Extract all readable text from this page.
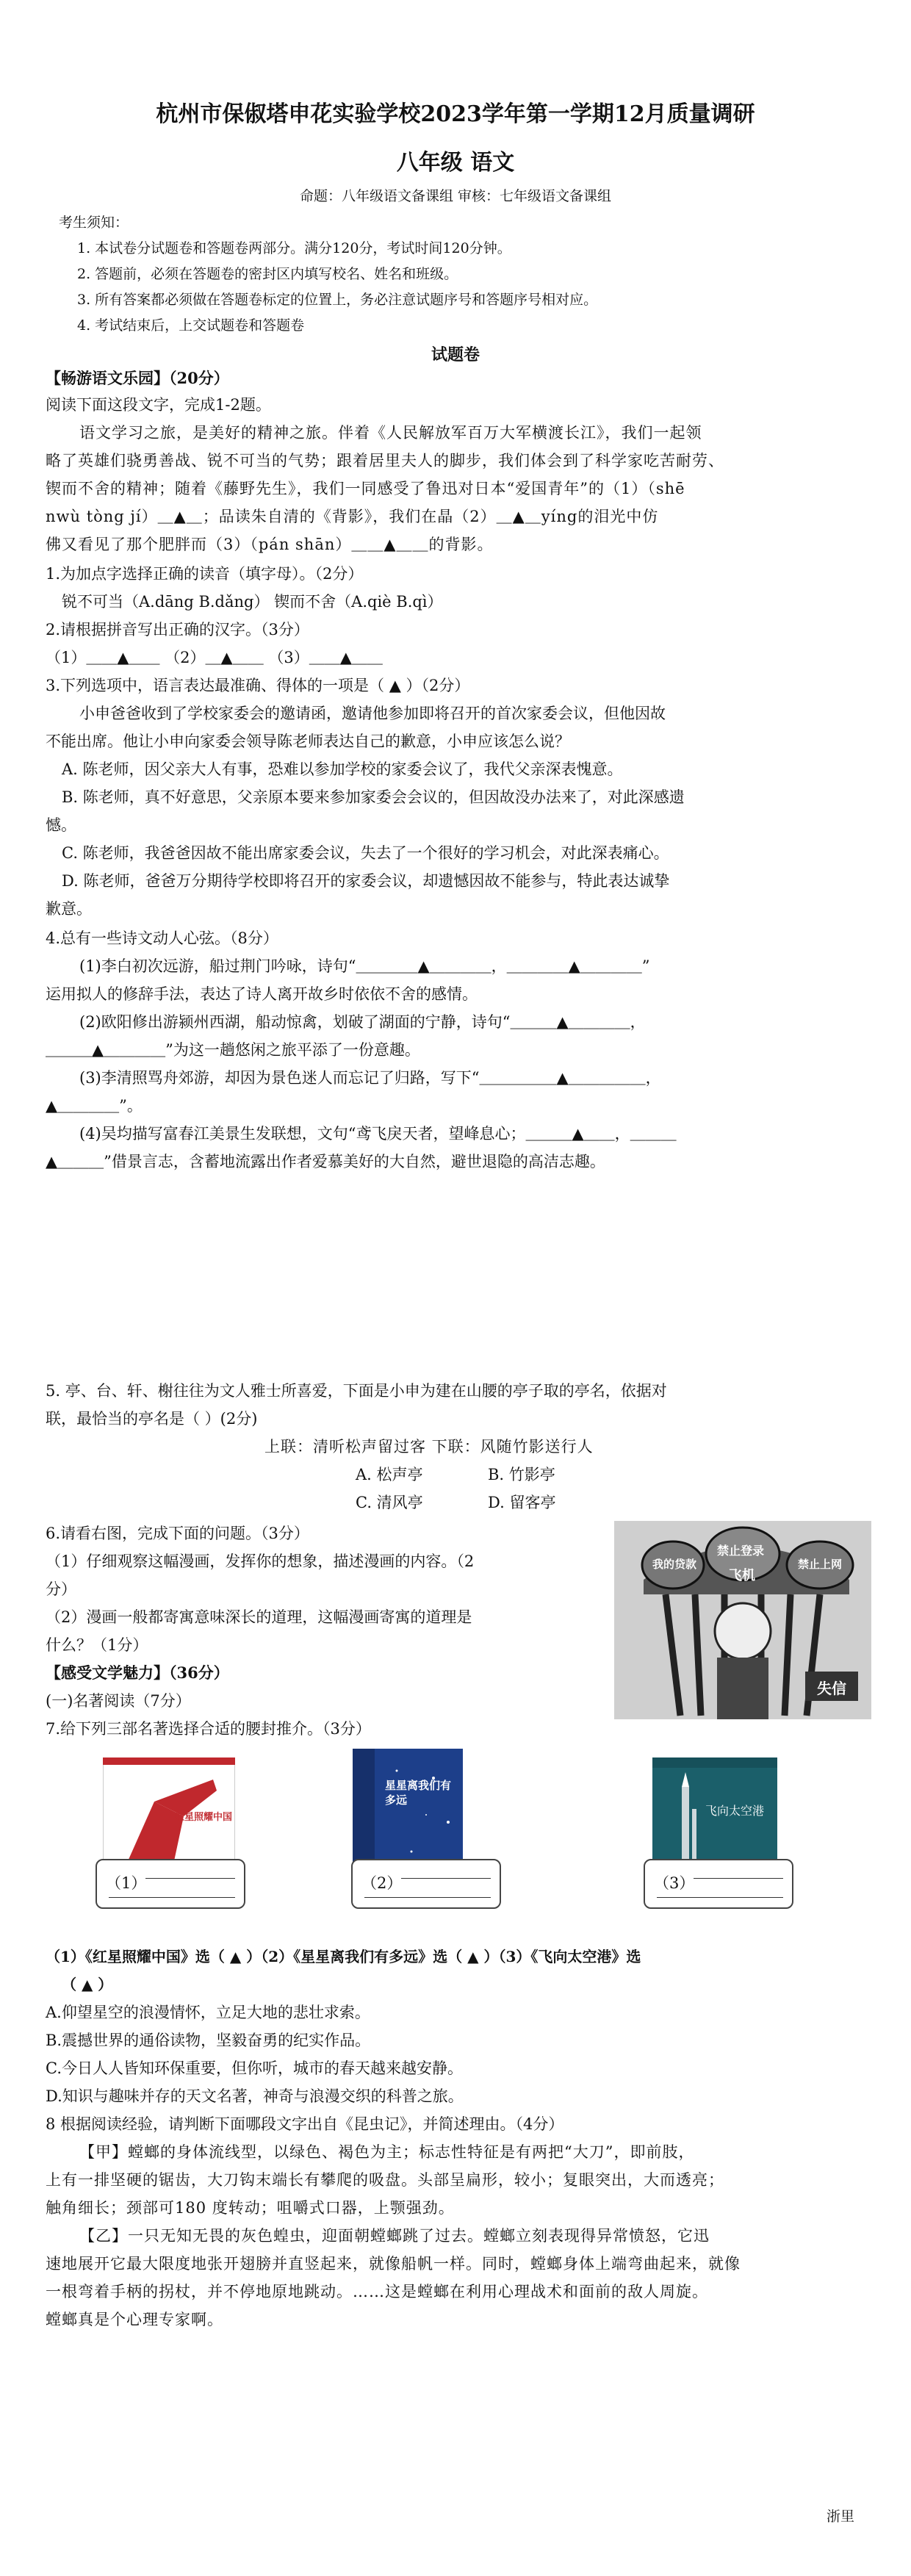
杭州市保俶塔申花实验学校2023学年第一学期12月质量调研
八年级 语文
命题：八年级语文备课组 审核：七年级语文备课组
考生须知：
1. 本试卷分试题卷和答题卷两部分。满分120分，考试时间120分钟。
2. 答题前，必须在答题卷的密封区内填写校名、姓名和班级。
3. 所有答案都必须做在答题卷标定的位置上，务必注意试题序号和答题序号相对应。
4. 考试结束后，上交试题卷和答题卷
试题卷
【畅游语文乐园】（20分）
阅读下面这段文字，完成1-2题。
语文学习之旅，是美好的精神之旅。伴着《人民解放军百万大军横渡长江》，我们一起领
略了英雄们骁勇善战、锐不可当的气势；跟着居里夫人的脚步，我们体会到了科学家吃苦耐劳、
锲而不舍的精神；随着《藤野先生》，我们一同感受了鲁迅对日本“爱国青年”的（1）（shē
nwù tòng jí）＿▲＿；品读朱自清的《背影》，我们在晶（2）＿▲＿yíng的泪光中仿
佛又看见了那个肥胖而（3）（pán shān）＿＿▲＿＿的背影。
1.为加点字选择正确的读音（填字母）。（2分）
锐不可当（A.dāng B.dǎng） 锲而不舍（A.qiè B.qì）
2.请根据拼音写出正确的汉字。（3分）
（1）＿＿▲＿＿ （2）＿▲＿＿ （3）＿＿▲＿＿
3.下列选项中，语言表达最准确、得体的一项是（ ▲ ）（2分）
小申爸爸收到了学校家委会的邀请函，邀请他参加即将召开的首次家委会议，但他因故
不能出席。他让小申向家委会领导陈老师表达自己的歉意，小申应该怎么说？
A. 陈老师，因父亲大人有事，恐难以参加学校的家委会议了，我代父亲深表愧意。
B. 陈老师，真不好意思，父亲原本要来参加家委会会议的，但因故没办法来了，对此深感遗
憾。
C. 陈老师，我爸爸因故不能出席家委会议，失去了一个很好的学习机会，对此深表痛心。
D. 陈老师，爸爸万分期待学校即将召开的家委会议，却遗憾因故不能参与，特此表达诚挚
歉意。
4.总有一些诗文动人心弦。（8分）
(1)李白初次远游，船过荆门吟咏，诗句“＿＿＿＿▲＿＿＿＿，＿＿＿＿▲＿＿＿＿”
运用拟人的修辞手法，表达了诗人离开故乡时依依不舍的感情。
(2)欧阳修出游颍州西湖，船动惊禽，划破了湖面的宁静，诗句“＿＿＿▲＿＿＿＿，
＿＿＿▲＿＿＿＿”为这一趟悠闲之旅平添了一份意趣。
(3)李清照骂舟郊游，却因为景色迷人而忘记了归路，写下“＿＿＿＿＿▲＿＿＿＿＿，
▲＿＿＿＿”。
(4)吴均描写富春江美景生发联想，文句“鸢飞戾天者，望峰息心；＿＿＿▲＿＿，＿＿＿
▲＿＿＿”借景言志，含蓄地流露出作者爱慕美好的大自然，避世退隐的高洁志趣。
5. 亭、台、轩、榭往往为文人雅士所喜爱，下面是小申为建在山腰的亭子取的亭名，依据对
联，最恰当的亭名是（ ）(2分)
上联：清听松声留过客 下联：风随竹影送行人
A. 松声亭	B. 竹影亭
C. 清风亭	D. 留客亭
6.请看右图，完成下面的问题。（3分）
（1）仔细观察这幅漫画，发挥你的想象，描述漫画的内容。（2
分）
（2）漫画一般都寄寓意味深长的道理，这幅漫画寄寓的道理是
什么？（1分）
我的贷款
禁止登录
禁止上网
飞机
失信
【感受文学魅力】（36分）
(一)名著阅读（7分）
7.给下列三部名著选择合适的腰封推介。（3分）
红星照耀中国
（1）
星星离我们有多远
（2）
飞向太空港
（3）
（1）《红星照耀中国》选（ ▲ ）（2）《星星离我们有多远》选（ ▲ ）（3）《飞向太空港》选
（ ▲ ）
A.仰望星空的浪漫情怀，立足大地的悲壮求索。
B.震撼世界的通俗读物，坚毅奋勇的纪实作品。
C.今日人人皆知环保重要，但你听，城市的春天越来越安静。
D.知识与趣味并存的天文名著，神奇与浪漫交织的科普之旅。
8 根据阅读经验，请判断下面哪段文字出自《昆虫记》，并简述理由。（4分）
【甲】螳螂的身体流线型，以绿色、褐色为主；标志性特征是有两把“大刀”，即前肢，
上有一排坚硬的锯齿，大刀钩末端长有攀爬的吸盘。头部呈扁形，较小；复眼突出，大而透亮；
触角细长；颈部可180 度转动；咀嚼式口器，上颚强劲。
【乙】一只无知无畏的灰色蝗虫，迎面朝螳螂跳了过去。螳螂立刻表现得异常愤怒，它迅
速地展开它最大限度地张开翅膀并直竖起来，就像船帆一样。同时，螳螂身体上端弯曲起来，就像
一根弯着手柄的拐杖，并不停地原地跳动。……这是螳螂在利用心理战术和面前的敌人周旋。
螳螂真是个心理专家啊。
浙里
